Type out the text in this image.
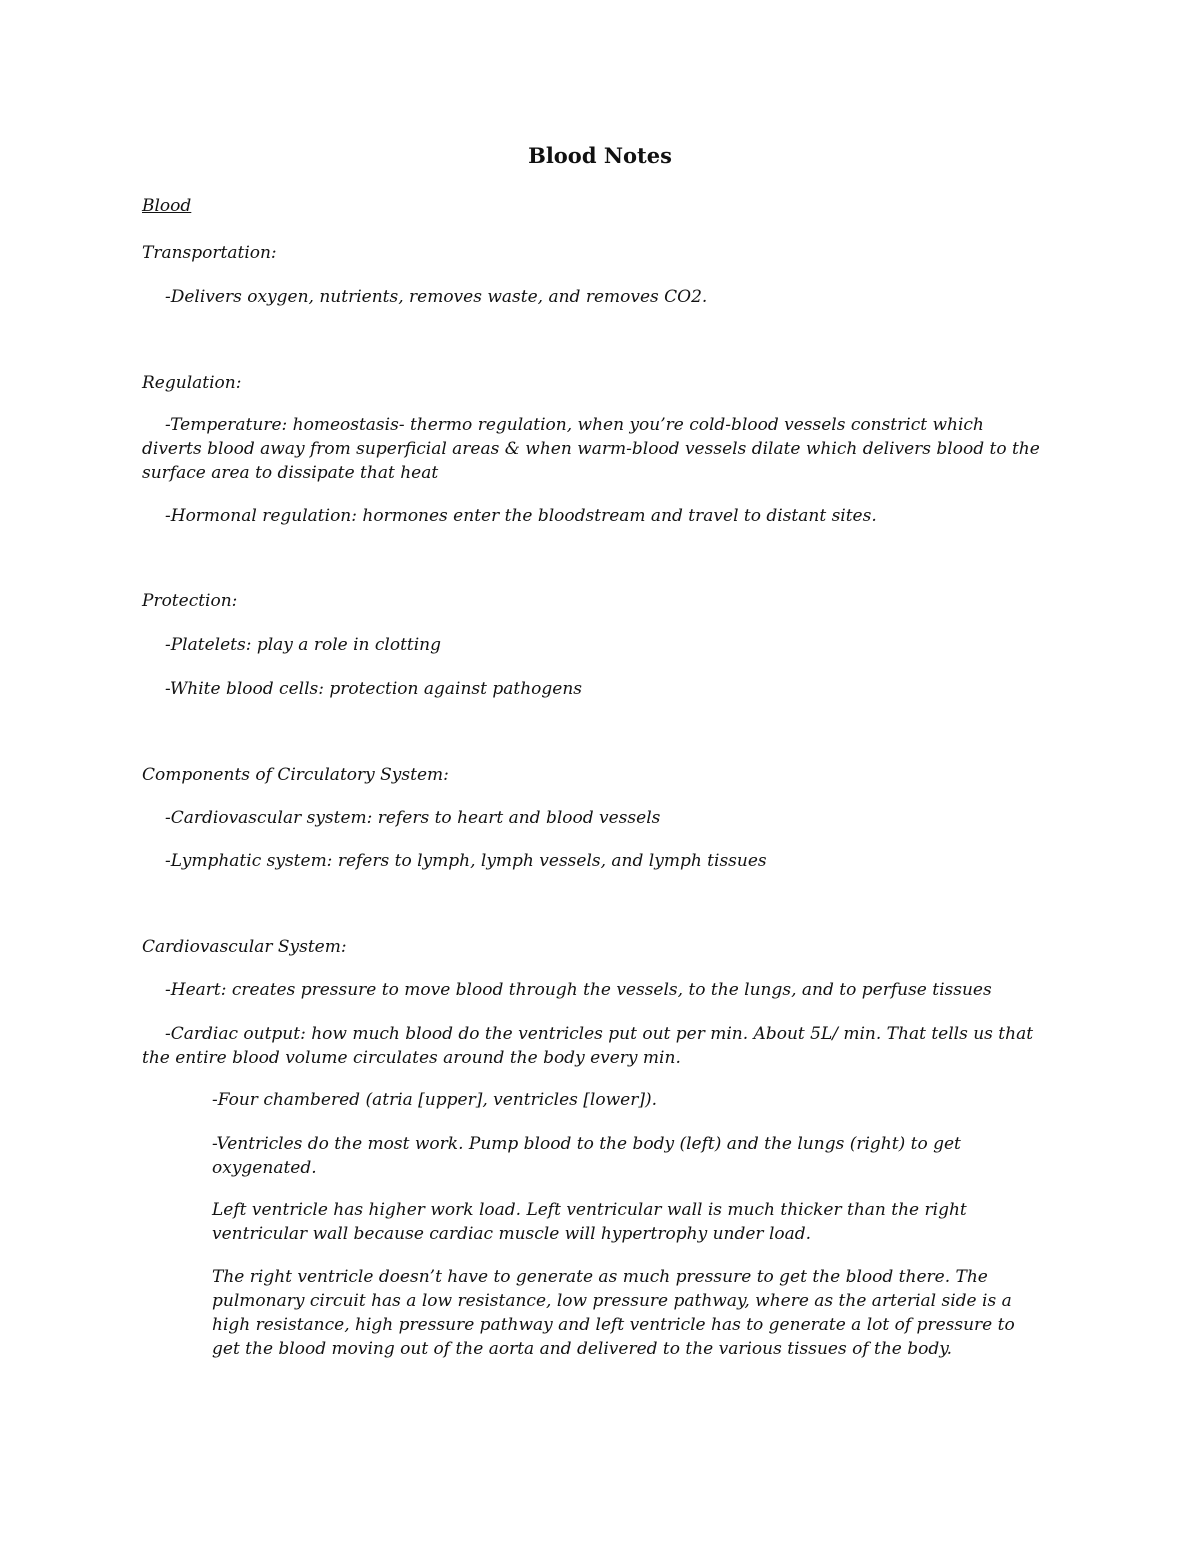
Blood Notes

Blood

Transportation:

-Delivers oxygen, nutrients, removes waste, and removes CO2.

Regulation:

-Temperature: homeostasis- thermo regulation, when you’re cold-blood vessels constrict which diverts blood away from superficial areas & when warm-blood vessels dilate which delivers blood to the surface area to dissipate that heat

-Hormonal regulation: hormones enter the bloodstream and travel to distant sites.

Protection:

-Platelets: play a role in clotting

-White blood cells: protection against pathogens

Components of Circulatory System:

-Cardiovascular system: refers to heart and blood vessels

-Lymphatic system: refers to lymph, lymph vessels, and lymph tissues

Cardiovascular System:

-Heart: creates pressure to move blood through the vessels, to the lungs, and to perfuse tissues

-Cardiac output: how much blood do the ventricles put out per min. About 5L/ min. That tells us that the entire blood volume circulates around the body every min.

-Four chambered (atria [upper], ventricles [lower]).

-Ventricles do the most work. Pump blood to the body (left) and the lungs (right) to get oxygenated.

Left ventricle has higher work load. Left ventricular wall is much thicker than the right ventricular wall because cardiac muscle will hypertrophy under load.

The right ventricle doesn’t have to generate as much pressure to get the blood there. The pulmonary circuit has a low resistance, low pressure pathway, where as the arterial side is a high resistance, high pressure pathway and left ventricle has to generate a lot of pressure to get the blood moving out of the aorta and delivered to the various tissues of the body.
